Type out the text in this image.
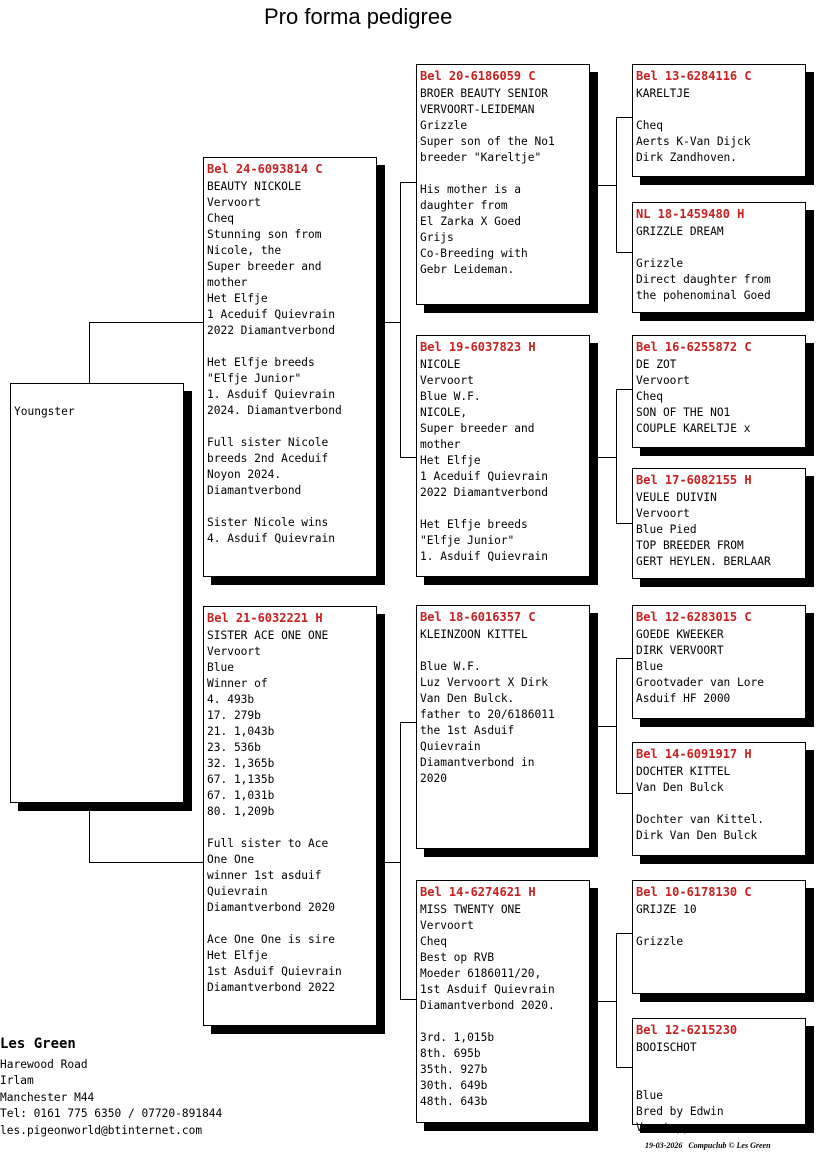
Pro forma pedigree
Youngster
Bel 24-6093814 C
BEAUTY NICKOLE
Vervoort
Cheq
Stunning son from
Nicole, the
Super breeder and
mother
Het Elfje
1 Aceduif Quievrain
2022 Diamantverbond
Het Elfje breeds
"Elfje Junior"
1. Asduif Quievrain
2024. Diamantverbond
Full sister Nicole
breeds 2nd Aceduif
Noyon 2024.
Diamantverbond
Sister Nicole wins
4. Asduif Quievrain
Bel 21-6032221 H
SISTER ACE ONE ONE
Vervoort
Blue
Winner of
4. 493b
17. 279b
21. 1,043b
23. 536b
32. 1,365b
67. 1,135b
67. 1,031b
80. 1,209b
Full sister to Ace
One One
winner 1st asduif
Quievrain
Diamantverbond 2020
Ace One One is sire
Het Elfje
1st Asduif Quievrain
Diamantverbond 2022
Bel 20-6186059 C
BROER BEAUTY SENIOR
VERVOORT-LEIDEMAN
Grizzle
Super son of the No1
breeder "Kareltje"
His mother is a
daughter from
El Zarka X Goed
Grijs
Co-Breeding with
Gebr Leideman.
Bel 19-6037823 H
NICOLE
Vervoort
Blue W.F.
NICOLE,
Super breeder and
mother
Het Elfje
1 Aceduif Quievrain
2022 Diamantverbond
Het Elfje breeds
"Elfje Junior"
1. Asduif Quievrain
Bel 18-6016357 C
KLEINZOON KITTEL
Blue W.F.
Luz Vervoort X Dirk
Van Den Bulck.
father to 20/6186011
the 1st Asduif
Quievrain
Diamantverbond in
2020
Bel 14-6274621 H
MISS TWENTY ONE
Vervoort
Cheq
Best op RVB
Moeder 6186011/20,
1st Asduif Quievrain
Diamantverbond 2020.
3rd. 1,015b
8th. 695b
35th. 927b
30th. 649b
48th. 643b
Bel 13-6284116 C
KARELTJE
Cheq
Aerts K-Van Dijck
Dirk Zandhoven.
NL 18-1459480 H
GRIZZLE DREAM
Grizzle
Direct daughter from
the pohenominal Goed
Bel 16-6255872 C
DE ZOT
Vervoort
Cheq
SON OF THE NO1
COUPLE KARELTJE x
Bel 17-6082155 H
VEULE DUIVIN
Vervoort
Blue Pied
TOP BREEDER FROM
GERT HEYLEN. BERLAAR
Bel 12-6283015 C
GOEDE KWEEKER
DIRK VERVOORT
Blue
Grootvader van Lore
Asduif HF 2000
Bel 14-6091917 H
DOCHTER KITTEL
Van Den Bulck
Dochter van Kittel.
Dirk Van Den Bulck
Bel 10-6178130 C
GRIJZE 10
Grizzle
Bel 12-6215230
BOOISCHOT
Blue
Bred by Edwin
Verstappen.
Les Green
Harewood Road
Irlam
Manchester M44
Tel: 0161 775 6350 / 07720-891844
les.pigeonworld@btinternet.com
19-03-2026   Compuclub © Les Green
